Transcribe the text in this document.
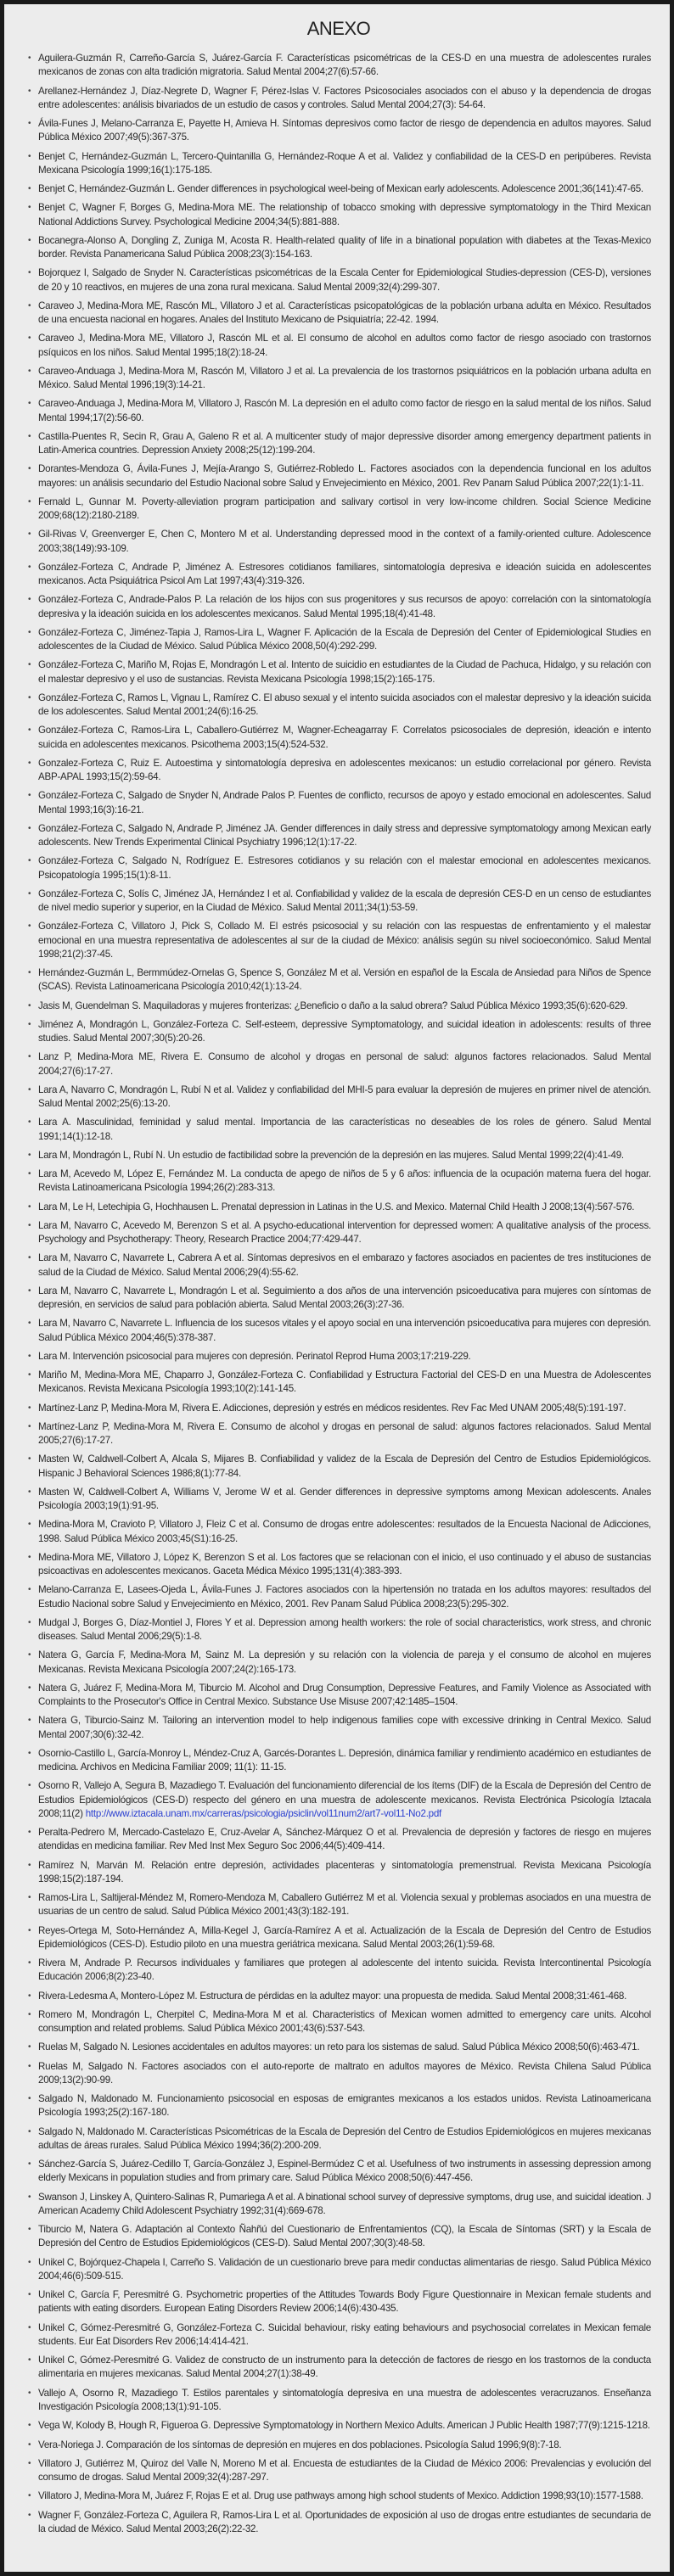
ANEXO
• Aguilera-Guzmán R, Carreño-García S, Juárez-García F. Características psicométricas de la CES-D en una muestra de adolescentes rurales mexicanos de zonas con alta tradición migratoria. Salud Mental 2004;27(6):57-66.
• Arellanez-Hernández J, Díaz-Negrete D, Wagner F, Pérez-Islas V. Factores Psicosociales asociados con el abuso y la dependencia de drogas entre adolescentes: análisis bivariados de un estudio de casos y controles. Salud Mental 2004;27(3): 54-64.
• Ávila-Funes J, Melano-Carranza E, Payette H, Amieva H. Síntomas depresivos como factor de riesgo de dependencia en adultos mayores. Salud Pública México 2007;49(5):367-375.
• Benjet C, Hernández-Guzmán L, Tercero-Quintanilla G, Hernández-Roque A et al. Validez y confiabilidad de la CES-D en peripúberes. Revista Mexicana Psicología 1999;16(1):175-185.
• Benjet C, Hernández-Guzmán L. Gender differences in psychological weel-being of Mexican early adolescents. Adolescence 2001;36(141):47-65.
• Benjet C, Wagner F, Borges G, Medina-Mora ME. The relationship of tobacco smoking with depressive symptomatology in the Third Mexican National Addictions Survey. Psychological Medicine 2004;34(5):881-888.
• Bocanegra-Alonso A, Dongling Z, Zuniga M, Acosta R. Health-related quality of life in a binational population with diabetes at the Texas-Mexico border. Revista Panamericana Salud Pública 2008;23(3):154-163.
• Bojorquez I, Salgado de Snyder N. Características psicométricas de la Escala Center for Epidemiological Studies-depression (CES-D), versiones de 20 y 10 reactivos, en mujeres de una zona rural mexicana. Salud Mental 2009;32(4):299-307.
• Caraveo J, Medina-Mora ME, Rascón ML, Villatoro J et al. Características psicopatológicas de la población urbana adulta en México. Resultados de una encuesta nacional en hogares. Anales del Instituto Mexicano de Psiquiatría; 22-42. 1994.
• Caraveo J, Medina-Mora ME, Villatoro J, Rascón ML et al. El consumo de alcohol en adultos como factor de riesgo asociado con trastornos psíquicos en los niños. Salud Mental 1995;18(2):18-24.
• Caraveo-Anduaga J, Medina-Mora M, Rascón M, Villatoro J et al. La prevalencia de los trastornos psiquiátricos en la población urbana adulta en México. Salud Mental 1996;19(3):14-21.
• Caraveo-Anduaga J, Medina-Mora M, Villatoro J, Rascón M. La depresión en el adulto como factor de riesgo en la salud mental de los niños. Salud Mental 1994;17(2):56-60.
• Castilla-Puentes R, Secin R, Grau A, Galeno R et al. A multicenter study of major depressive disorder among emergency department patients in Latin-America countries. Depression Anxiety 2008;25(12):199-204.
• Dorantes-Mendoza G, Ávila-Funes J, Mejía-Arango S, Gutiérrez-Robledo L. Factores asociados con la dependencia funcional en los adultos mayores: un análisis secundario del Estudio Nacional sobre Salud y Envejecimiento en México, 2001. Rev Panam Salud Pública 2007;22(1):1-11.
• Fernald L, Gunnar M. Poverty-alleviation program participation and salivary cortisol in very low-income children. Social Science Medicine 2009;68(12):2180-2189.
• Gil-Rivas V, Greenverger E, Chen C, Montero M et al. Understanding depressed mood in the context of a family-oriented culture. Adolescence 2003;38(149):93-109.
• González-Forteza C, Andrade P, Jiménez A. Estresores cotidianos familiares, sintomatología depresiva e ideación suicida en adolescentes mexicanos. Acta Psiquiátrica Psicol Am Lat 1997;43(4):319-326.
• González-Forteza C, Andrade-Palos P. La relación de los hijos con sus progenitores y sus recursos de apoyo: correlación con la sintomatología depresiva y la ideación suicida en los adolescentes mexicanos. Salud Mental 1995;18(4):41-48.
• González-Forteza C, Jiménez-Tapia J, Ramos-Lira L, Wagner F. Aplicación de la Escala de Depresión del Center of Epidemiological Studies en adolescentes de la Ciudad de México. Salud Pública México 2008,50(4):292-299.
• González-Forteza C, Mariño M, Rojas E, Mondragón L et al. Intento de suicidio en estudiantes de la Ciudad de Pachuca, Hidalgo, y su relación con el malestar depresivo y el uso de sustancias. Revista Mexicana Psicología 1998;15(2):165-175.
• González-Forteza C, Ramos L, Vignau L, Ramírez C. El abuso sexual y el intento suicida asociados con el malestar depresivo y la ideación suicida de los adolescentes. Salud Mental 2001;24(6):16-25.
• González-Forteza C, Ramos-Lira L, Caballero-Gutiérrez M, Wagner-Echeagarray F. Correlatos psicosociales de depresión, ideación e intento suicida en adolescentes mexicanos. Psicothema 2003;15(4):524-532.
• Gonzalez-Forteza C, Ruiz E. Autoestima y sintomatología depresiva en adolescentes mexicanos: un estudio correlacional por género. Revista ABP-APAL 1993;15(2):59-64.
• González-Forteza C, Salgado de Snyder N, Andrade Palos P. Fuentes de conflicto, recursos de apoyo y estado emocional en adolescentes. Salud Mental 1993;16(3):16-21.
• González-Forteza C, Salgado N, Andrade P, Jiménez JA. Gender differences in daily stress and depressive symptomatology among Mexican early adolescents. New Trends Experimental Clinical Psychiatry 1996;12(1):17-22.
• González-Forteza C, Salgado N, Rodríguez E. Estresores cotidianos y su relación con el malestar emocional en adolescentes mexicanos. Psicopatología 1995;15(1):8-11.
• González-Forteza C, Solís C, Jiménez JA, Hernández I et al. Confiabilidad y validez de la escala de depresión CES-D en un censo de estudiantes de nivel medio superior y superior, en la Ciudad de México. Salud Mental 2011;34(1):53-59.
• González-Forteza C, Villatoro J, Pick S, Collado M. El estrés psicosocial y su relación con las respuestas de enfrentamiento y el malestar emocional en una muestra representativa de adolescentes al sur de la ciudad de México: análisis según su nivel socioeconómico. Salud Mental 1998;21(2):37-45.
• Hernández-Guzmán L, Bermmúdez-Ornelas G, Spence S, González M et al. Versión en español de la Escala de Ansiedad para Niños de Spence (SCAS). Revista Latinoamericana Psicología 2010;42(1):13-24.
• Jasis M, Guendelman S. Maquiladoras y mujeres fronterizas: ¿Beneficio o daño a la salud obrera? Salud Pública México 1993;35(6):620-629.
• Jiménez A, Mondragón L, González-Forteza C. Self-esteem, depressive Symptomatology, and suicidal ideation in adolescents: results of three studies. Salud Mental 2007;30(5):20-26.
• Lanz P, Medina-Mora ME, Rivera E. Consumo de alcohol y drogas en personal de salud: algunos factores relacionados. Salud Mental 2004;27(6):17-27.
• Lara A, Navarro C, Mondragón L, Rubí N et al. Validez y confiabilidad del MHI-5 para evaluar la depresión de mujeres en primer nivel de atención. Salud Mental 2002;25(6):13-20.
• Lara A. Masculinidad, feminidad y salud mental. Importancia de las características no deseables de los roles de género. Salud Mental 1991;14(1):12-18.
• Lara M, Mondragón L, Rubí N. Un estudio de factibilidad sobre la prevención de la depresión en las mujeres. Salud Mental 1999;22(4):41-49.
• Lara M, Acevedo M, López E, Fernández M. La conducta de apego de niños de 5 y 6 años: influencia de la ocupación materna fuera del hogar. Revista Latinoamericana Psicología 1994;26(2):283-313.
• Lara M, Le H, Letechipia G, Hochhausen L. Prenatal depression in Latinas in the U.S. and Mexico. Maternal Child Health J 2008;13(4):567-576.
• Lara M, Navarro C, Acevedo M, Berenzon S et al. A psycho-educational intervention for depressed women: A qualitative analysis of the process. Psychology and Psychotherapy: Theory, Research Practice 2004;77:429-447.
• Lara M, Navarro C, Navarrete L, Cabrera A et al. Síntomas depresivos en el embarazo y factores asociados en pacientes de tres instituciones de salud de la Ciudad de México. Salud Mental 2006;29(4):55-62.
• Lara M, Navarro C, Navarrete L, Mondragón L et al. Seguimiento a dos años de una intervención psicoeducativa para mujeres con síntomas de depresión, en servicios de salud para población abierta. Salud Mental 2003;26(3):27-36.
• Lara M, Navarro C, Navarrete L. Influencia de los sucesos vitales y el apoyo social en una intervención psicoeducativa para mujeres con depresión. Salud Pública México 2004;46(5):378-387.
• Lara M. Intervención psicosocial para mujeres con depresión. Perinatol Reprod Huma 2003;17:219-229.
• Mariño M, Medina-Mora ME, Chaparro J, González-Forteza C. Confiabilidad y Estructura Factorial del CES-D en una Muestra de Adolescentes Mexicanos. Revista Mexicana Psicología 1993;10(2):141-145.
• Martínez-Lanz P, Medina-Mora M, Rivera E. Adicciones, depresión y estrés en médicos residentes. Rev Fac Med UNAM 2005;48(5):191-197.
• Martínez-Lanz P, Medina-Mora M, Rivera E. Consumo de alcohol y drogas en personal de salud: algunos factores relacionados. Salud Mental 2005;27(6):17-27.
• Masten W, Caldwell-Colbert A, Alcala S, Mijares B. Confiabilidad y validez de la Escala de Depresión del Centro de Estudios Epidemiológicos. Hispanic J Behavioral Sciences 1986;8(1):77-84.
• Masten W, Caldwell-Colbert A, Williams V, Jerome W et al. Gender differences in depressive symptoms among Mexican adolescents. Anales Psicología 2003;19(1):91-95.
• Medina-Mora M, Cravioto P, Villatoro J, Fleiz C et al. Consumo de drogas entre adolescentes: resultados de la Encuesta Nacional de Adicciones, 1998. Salud Pública México 2003;45(S1):16-25.
• Medina-Mora ME, Villatoro J, López K, Berenzon S et al. Los factores que se relacionan con el inicio, el uso continuado y el abuso de sustancias psicoactivas en adolescentes mexicanos. Gaceta Médica México 1995;131(4):383-393.
• Melano-Carranza E, Lasees-Ojeda L, Ávila-Funes J. Factores asociados con la hipertensión no tratada en los adultos mayores: resultados del Estudio Nacional sobre Salud y Envejecimiento en México, 2001. Rev Panam Salud Pública 2008;23(5):295-302.
• Mudgal J, Borges G, Díaz-Montiel J, Flores Y et al. Depression among health workers: the role of social characteristics, work stress, and chronic diseases. Salud Mental 2006;29(5):1-8.
• Natera G, García F, Medina-Mora M, Sainz M. La depresión y su relación con la violencia de pareja y el consumo de alcohol en mujeres Mexicanas. Revista Mexicana Psicología 2007;24(2):165-173.
• Natera G, Juárez F, Medina-Mora M, Tiburcio M. Alcohol and Drug Consumption, Depressive Features, and Family Violence as Associated with Complaints to the Prosecutor's Office in Central Mexico. Substance Use Misuse 2007;42:1485–1504.
• Natera G, Tiburcio-Sainz M. Tailoring an intervention model to help indigenous families cope with excessive drinking in Central Mexico. Salud Mental 2007;30(6):32-42.
• Osornio-Castillo L, García-Monroy L, Méndez-Cruz A, Garcés-Dorantes L. Depresión, dinámica familiar y rendimiento académico en estudiantes de medicina. Archivos en Medicina Familiar 2009; 11(1): 11-15.
• Osorno R, Vallejo A, Segura B, Mazadiego T. Evaluación del funcionamiento diferencial de los ítems (DIF) de la Escala de Depresión del Centro de Estudios Epidemiológicos (CES-D) respecto del género en una muestra de adolescente mexicanos. Revista Electrónica Psicología Iztacala 2008;11(2) http://www.iztacala.unam.mx/carreras/psicologia/psiclin/vol11num2/art7-vol11-No2.pdf
• Peralta-Pedrero M, Mercado-Castelazo E, Cruz-Avelar A, Sánchez-Márquez O et al. Prevalencia de depresión y factores de riesgo en mujeres atendidas en medicina familiar. Rev Med Inst Mex Seguro Soc 2006;44(5):409-414.
• Ramírez N, Marván M. Relación entre depresión, actividades placenteras y sintomatología premenstrual. Revista Mexicana Psicología 1998;15(2):187-194.
• Ramos-Lira L, Saltijeral-Méndez M, Romero-Mendoza M, Caballero Gutiérrez M et al. Violencia sexual y problemas asociados en una muestra de usuarias de un centro de salud. Salud Pública México 2001;43(3):182-191.
• Reyes-Ortega M, Soto-Hernández A, Milla-Kegel J, García-Ramírez A et al. Actualización de la Escala de Depresión del Centro de Estudios Epidemiológicos (CES-D). Estudio piloto en una muestra geriátrica mexicana. Salud Mental 2003;26(1):59-68.
• Rivera M, Andrade P. Recursos individuales y familiares que protegen al adolescente del intento suicida. Revista Intercontinental Psicología Educación 2006;8(2):23-40.
• Rivera-Ledesma A, Montero-López M. Estructura de pérdidas en la adultez mayor: una propuesta de medida. Salud Mental 2008;31:461-468.
• Romero M, Mondragón L, Cherpitel C, Medina-Mora M et al. Characteristics of Mexican women admitted to emergency care units. Alcohol consumption and related problems. Salud Pública México 2001;43(6):537-543.
• Ruelas M, Salgado N. Lesiones accidentales en adultos mayores: un reto para los sistemas de salud. Salud Pública México 2008;50(6):463-471.
• Ruelas M, Salgado N. Factores asociados con el auto-reporte de maltrato en adultos mayores de México. Revista Chilena Salud Pública 2009;13(2):90-99.
• Salgado N, Maldonado M. Funcionamiento psicosocial en esposas de emigrantes mexicanos a los estados unidos. Revista Latinoamericana Psicología 1993;25(2):167-180.
• Salgado N, Maldonado M. Características Psicométricas de la Escala de Depresión del Centro de Estudios Epidemiológicos en mujeres mexicanas adultas de áreas rurales. Salud Pública México 1994;36(2):200-209.
• Sánchez-García S, Juárez-Cedillo T, García-González J, Espinel-Bermúdez C et al. Usefulness of two instruments in assessing depression among elderly Mexicans in population studies and from primary care. Salud Pública México 2008;50(6):447-456.
• Swanson J, Linskey A, Quintero-Salinas R, Pumariega A et al. A binational school survey of depressive symptoms, drug use, and suicidal ideation. J American Academy Child Adolescent Psychiatry 1992;31(4):669-678.
• Tiburcio M, Natera G. Adaptación al Contexto Ñahñú del Cuestionario de Enfrentamientos (CQ), la Escala de Síntomas (SRT) y la Escala de Depresión del Centro de Estudios Epidemiológicos (CES-D). Salud Mental 2007;30(3):48-58.
• Unikel C, Bojórquez-Chapela I, Carreño S. Validación de un cuestionario breve para medir conductas alimentarias de riesgo. Salud Pública México 2004;46(6):509-515.
• Unikel C, García F, Peresmitré G. Psychometric properties of the Attitudes Towards Body Figure Questionnaire in Mexican female students and patients with eating disorders. European Eating Disorders Review 2006;14(6):430-435.
• Unikel C, Gómez-Peresmitré G, González-Forteza C. Suicidal behaviour, risky eating behaviours and psychosocial correlates in Mexican female students. Eur Eat Disorders Rev 2006;14:414-421.
• Unikel C, Gómez-Peresmitré G. Validez de constructo de un instrumento para la detección de factores de riesgo en los trastornos de la conducta alimentaria en mujeres mexicanas. Salud Mental 2004;27(1):38-49.
• Vallejo A, Osorno R, Mazadiego T. Estilos parentales y sintomatología depresiva en una muestra de adolescentes veracruzanos. Enseñanza Investigación Psicología 2008;13(1):91-105.
• Vega W, Kolody B, Hough R, Figueroa G. Depressive Symptomatology in Northern Mexico Adults. American J Public Health 1987;77(9):1215-1218.
• Vera-Noriega J. Comparación de los síntomas de depresión en mujeres en dos poblaciones. Psicología Salud 1996;9(8):7-18.
• Villatoro J, Gutiérrez M, Quiroz del Valle N, Moreno M et al. Encuesta de estudiantes de la Ciudad de México 2006: Prevalencias y evolución del consumo de drogas. Salud Mental 2009;32(4):287-297.
• Villatoro J, Medina-Mora M, Juárez F, Rojas E et al. Drug use pathways among high school students of Mexico. Addiction 1998;93(10):1577-1588.
• Wagner F, González-Forteza C, Aguilera R, Ramos-Lira L et al. Oportunidades de exposición al uso de drogas entre estudiantes de secundaria de la ciudad de México. Salud Mental 2003;26(2):22-32.
